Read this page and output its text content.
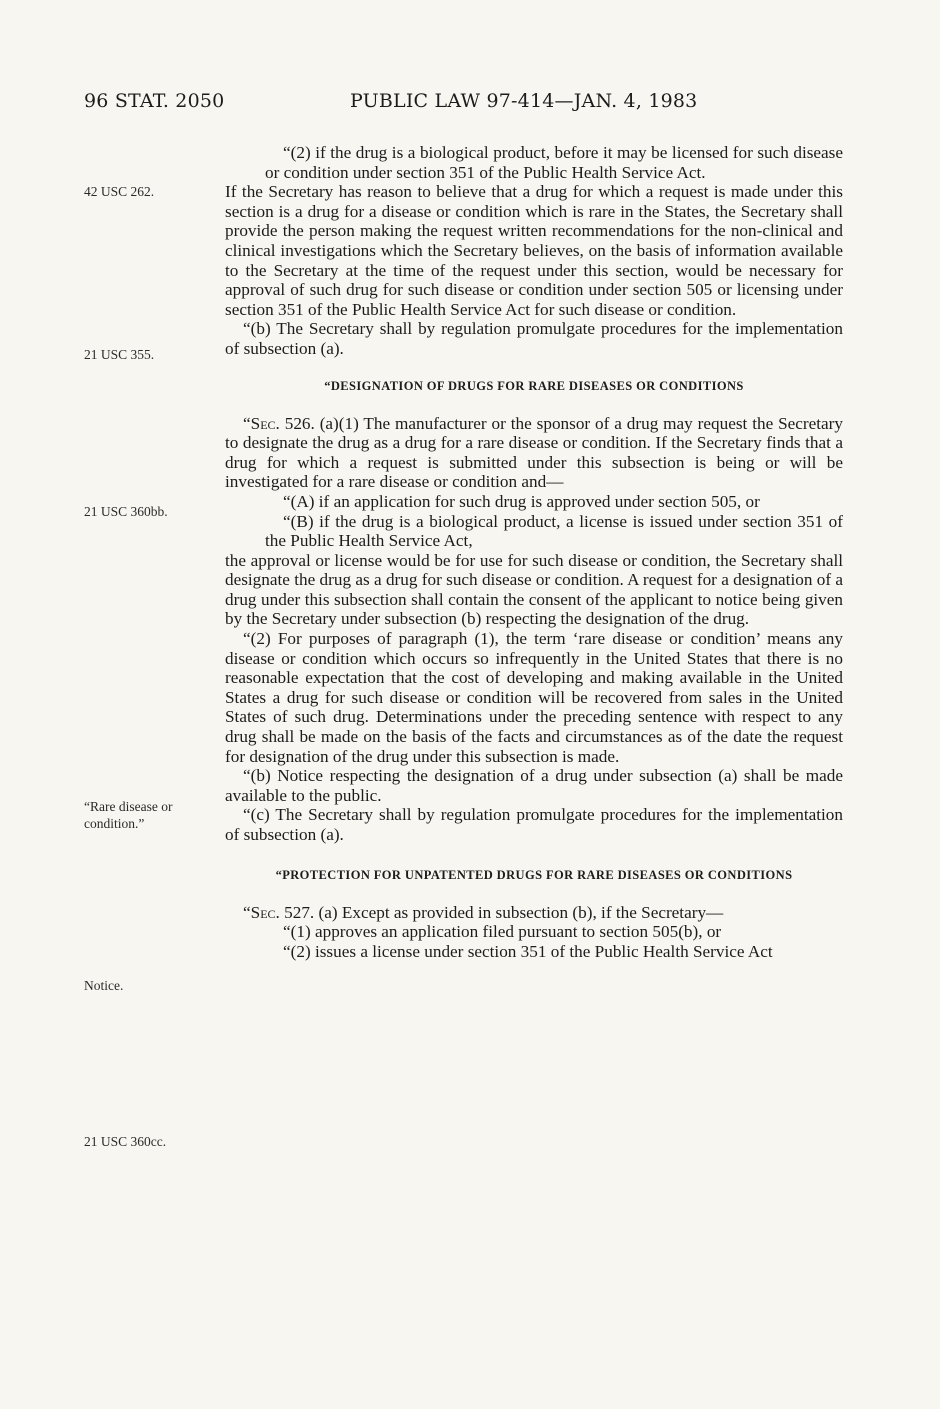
96 STAT. 2050	PUBLIC LAW 97-414—JAN. 4, 1983
42 USC 262.
21 USC 355.
21 USC 360bb.
“Rare disease or condition.”
Notice.
21 USC 360cc.

“(2) if the drug is a biological product, before it may be licensed for such disease or condition under section 351 of the Public Health Service Act.

If the Secretary has reason to believe that a drug for which a request is made under this section is a drug for a disease or condition which is rare in the States, the Secretary shall provide the person making the request written recommendations for the non-clinical and clinical investigations which the Secretary believes, on the basis of information available to the Secretary at the time of the request under this section, would be necessary for approval of such drug for such disease or condition under section 505 or licensing under section 351 of the Public Health Service Act for such disease or condition.

“(b) The Secretary shall by regulation promulgate procedures for the implementation of subsection (a).

“DESIGNATION OF DRUGS FOR RARE DISEASES OR CONDITIONS

“Sec. 526. (a)(1) The manufacturer or the sponsor of a drug may request the Secretary to designate the drug as a drug for a rare disease or condition. If the Secretary finds that a drug for which a request is submitted under this subsection is being or will be investigated for a rare disease or condition and—

“(A) if an application for such drug is approved under section 505, or

“(B) if the drug is a biological product, a license is issued under section 351 of the Public Health Service Act,

the approval or license would be for use for such disease or condition, the Secretary shall designate the drug as a drug for such disease or condition. A request for a designation of a drug under this subsection shall contain the consent of the applicant to notice being given by the Secretary under subsection (b) respecting the designation of the drug.

“(2) For purposes of paragraph (1), the term ‘rare disease or condition’ means any disease or condition which occurs so infrequently in the United States that there is no reasonable expectation that the cost of developing and making available in the United States a drug for such disease or condition will be recovered from sales in the United States of such drug. Determinations under the preceding sentence with respect to any drug shall be made on the basis of the facts and circumstances as of the date the request for designation of the drug under this subsection is made.

“(b) Notice respecting the designation of a drug under subsection (a) shall be made available to the public.

“(c) The Secretary shall by regulation promulgate procedures for the implementation of subsection (a).

“PROTECTION FOR UNPATENTED DRUGS FOR RARE DISEASES OR CONDITIONS

“Sec. 527. (a) Except as provided in subsection (b), if the Secretary—

“(1) approves an application filed pursuant to section 505(b), or

“(2) issues a license under section 351 of the Public Health Service Act
